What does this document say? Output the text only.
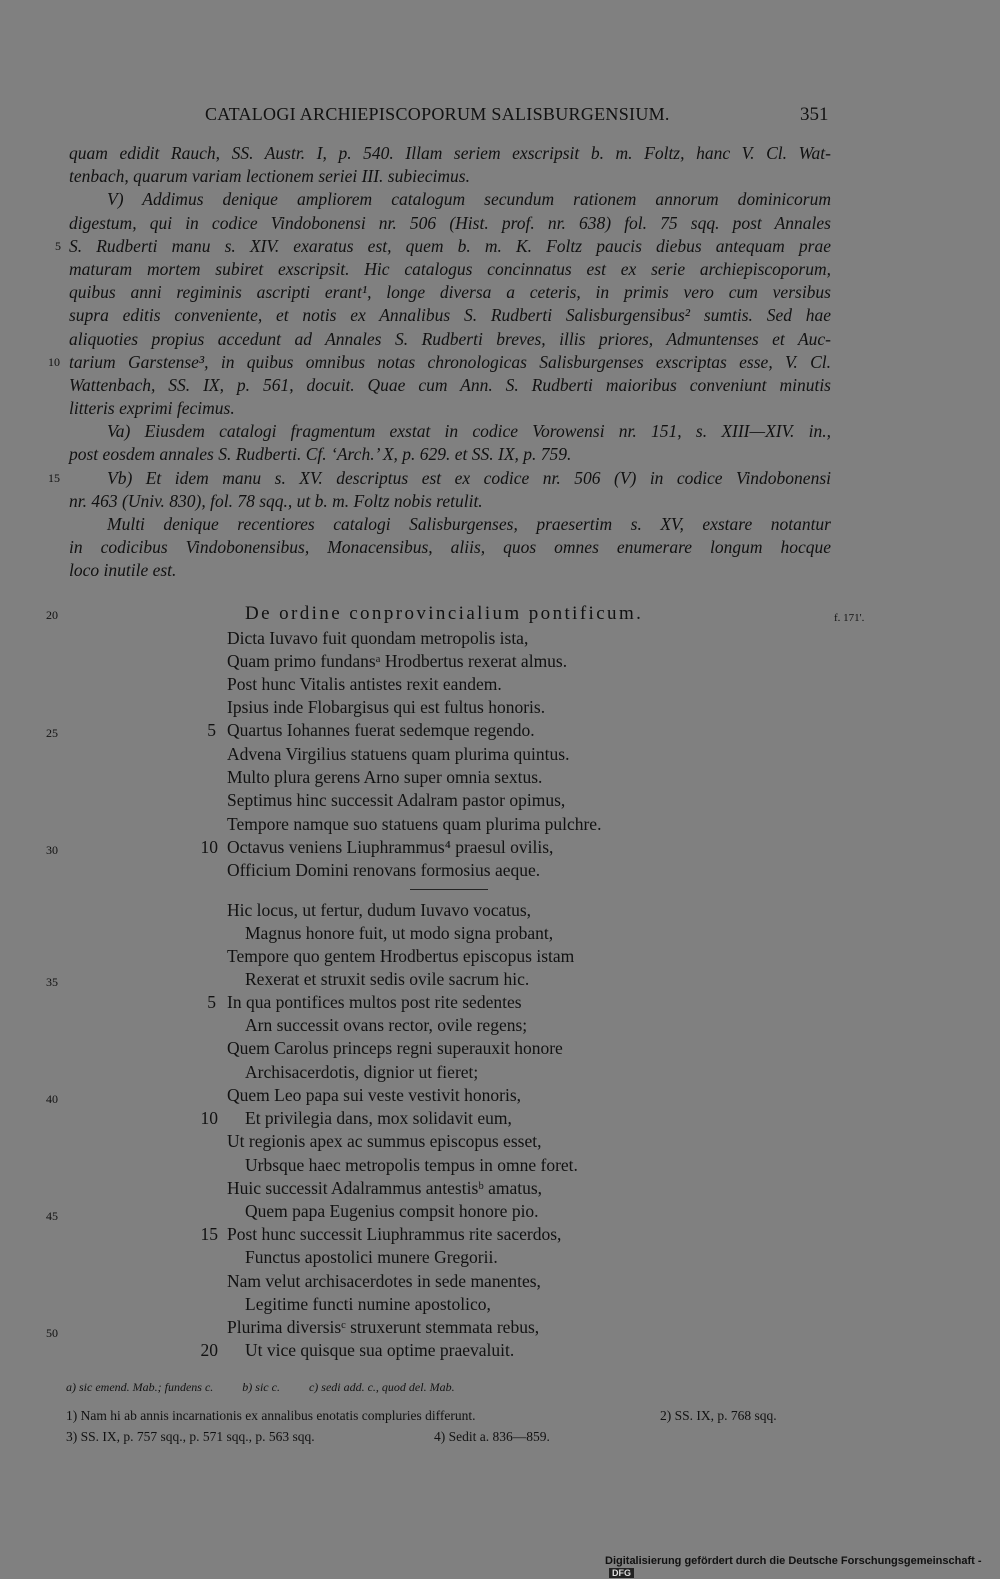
CATALOGI ARCHIEPISCOPORUM SALISBURGENSIUM.	351
quam edidit Rauch, SS. Austr. I, p. 540. Illam seriem exscripsit b. m. Foltz, hanc V. Cl. Wat-
tenbach, quarum variam lectionem seriei III. subiecimus.
V) Addimus denique ampliorem catalogum secundum rationem annorum dominicorum
digestum, qui in codice Vindobonensi nr. 506 (Hist. prof. nr. 638) fol. 75 sqq. post Annales
S. Rudberti manu s. XIV. exaratus est, quem b. m. K. Foltz paucis diebus antequam prae
maturam mortem subiret exscripsit. Hic catalogus concinnatus est ex serie archiepiscoporum,
quibus anni regiminis ascripti erant¹, longe diversa a ceteris, in primis vero cum versibus
supra editis conveniente, et notis ex Annalibus S. Rudberti Salisburgensibus² sumtis. Sed hae
aliquoties propius accedunt ad Annales S. Rudberti breves, illis priores, Admuntenses et Auc-
tarium Garstense³, in quibus omnibus notas chronologicas Salisburgenses exscriptas esse, V. Cl.
Wattenbach, SS. IX, p. 561, docuit. Quae cum Ann. S. Rudberti maioribus conveniunt minutis
litteris exprimi fecimus.
Va) Eiusdem catalogi fragmentum exstat in codice Vorowensi nr. 151, s. XIII—XIV. in.,
post eosdem annales S. Rudberti. Cf. ‘Arch.’ X, p. 629. et SS. IX, p. 759.
Vb) Et idem manu s. XV. descriptus est ex codice nr. 506 (V) in codice Vindobonensi
nr. 463 (Univ. 830), fol. 78 sqq., ut b. m. Foltz nobis retulit.
Multi denique recentiores catalogi Salisburgenses, praesertim s. XV, exstare notantur
in codicibus Vindobonensibus, Monacensibus, aliis, quos omnes enumerare longum hocque
loco inutile est.
5
10
15
De ordine conprovincialium pontificum.	f. 171'.
20
25
30
35
40
45
50
Dicta Iuvavo fuit quondam metropolis ista,
Quam primo fundansᵃ Hrodbertus rexerat almus.
Post hunc Vitalis antistes rexit eandem.
Ipsius inde Flobargisus qui est fultus honoris.
5 Quartus Iohannes fuerat sedemque regendo.
Advena Virgilius statuens quam plurima quintus.
Multo plura gerens Arno super omnia sextus.
Septimus hinc successit Adalram pastor opimus,
Tempore namque suo statuens quam plurima pulchre.
10 Octavus veniens Liuphrammus⁴ praesul ovilis,
Officium Domini renovans formosius aeque.
Hic locus, ut fertur, dudum Iuvavo vocatus,
Magnus honore fuit, ut modo signa probant,
Tempore quo gentem Hrodbertus episcopus istam
Rexerat et struxit sedis ovile sacrum hic.
5 In qua pontifices multos post rite sedentes
Arn successit ovans rector, ovile regens;
Quem Carolus princeps regni superauxit honore
Archisacerdotis, dignior ut fieret;
Quem Leo papa sui veste vestivit honoris,
10 Et privilegia dans, mox solidavit eum,
Ut regionis apex ac summus episcopus esset,
Urbsque haec metropolis tempus in omne foret.
Huic successit Adalrammus antestisᵇ amatus,
Quem papa Eugenius compsit honore pio.
15 Post hunc successit Liuphrammus rite sacerdos,
Functus apostolici munere Gregorii.
Nam velut archisacerdotes in sede manentes,
Legitime functi numine apostolico,
Plurima diversisᶜ struxerunt stemmata rebus,
20 Ut vice quisque sua optime praevaluit.
a) sic emend. Mab.; fundens c. b) sic c. c) sedi add. c., quod del. Mab.
1) Nam hi ab annis incarnationis ex annalibus enotatis compluries differunt.	2) SS. IX, p. 768 sqq.
3) SS. IX, p. 757 sqq., p. 571 sqq., p. 563 sqq.	4) Sedit a. 836—859.
Digitalisierung gefördert durch die Deutsche Forschungsgemeinschaft -DFG
